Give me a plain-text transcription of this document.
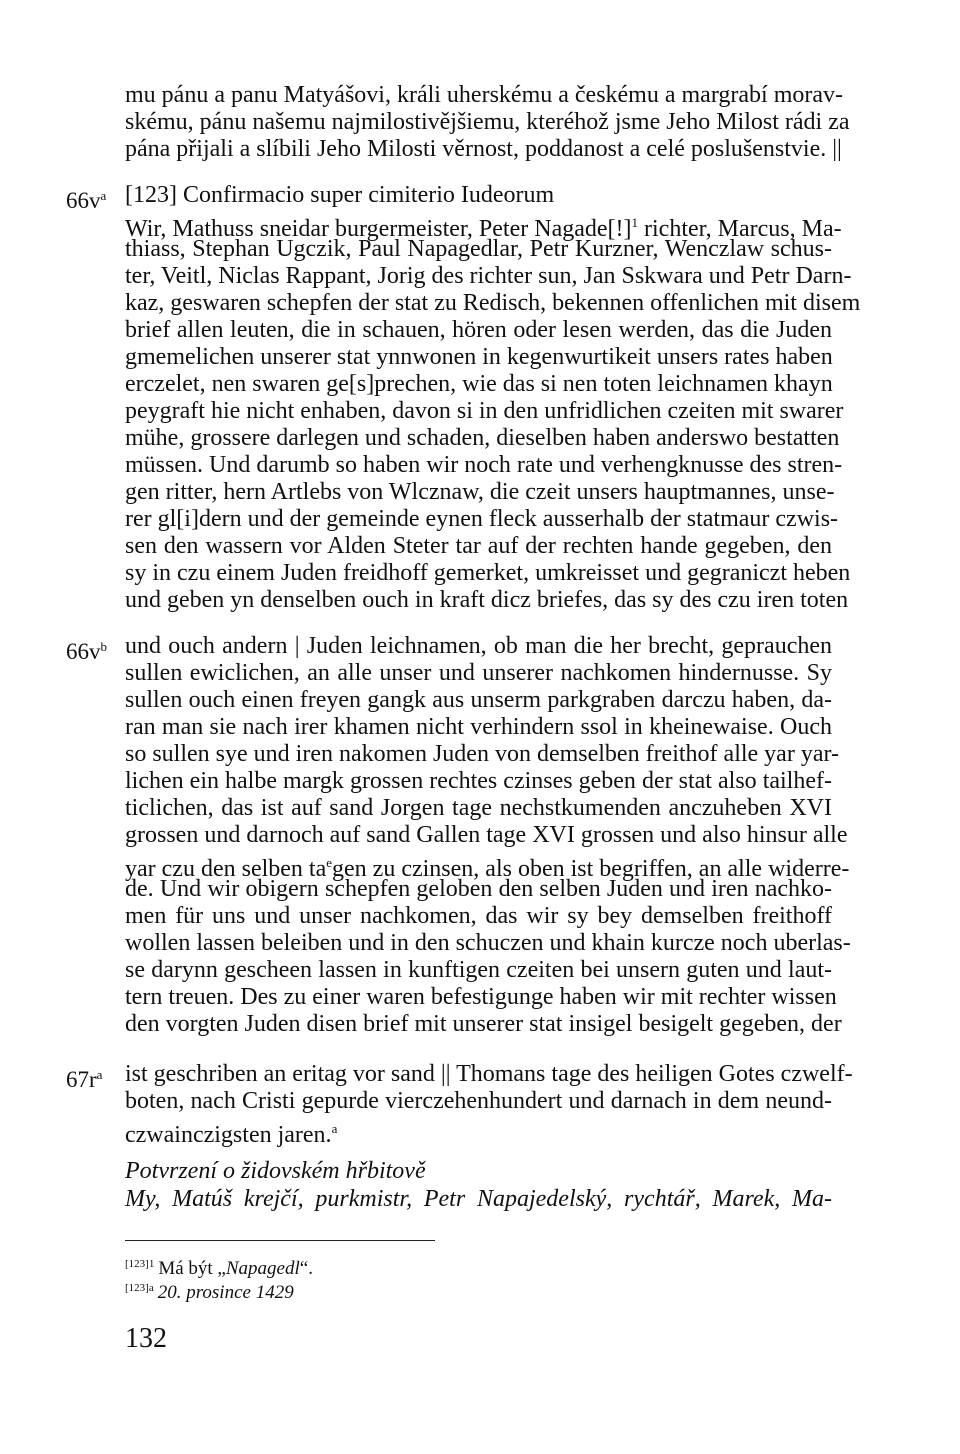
$66v^a$
$66v^b$
$67r^a$
mu pánu a panu Matyášovi, králi uherskému a českému a margrabí morav-
skému, pánu našemu najmilostivějšiemu, kteréhož jsme Jeho Milost rádi za
pána přijali a slíbili Jeho Milosti věrnost, poddanost a celé poslušenstvie. ||
[123] Confirmacio super cimiterio Iudeorum
Wir, Mathuss sneidar burgermeister, Peter Nagade[!]$^1$ richter, Marcus, Ma-
thiass, Stephan Ugczik, Paul Napagedlar, Petr Kurzner, Wenczlaw schus-
ter, Veitl, Niclas Rappant, Jorig des richter sun, Jan Sskwara und Petr Darn-
kaz, geswaren schepfen der stat zu Redisch, bekennen offenlichen mit disem
brief allen leuten, die in schauen, hören oder lesen werden, das die Juden
gmemelichen unserer stat ynnwonen in kegenwurtikeit unsers rates haben
erczelet, nen swaren ge[s]prechen, wie das si nen toten leichnamen khayn
peygraft hie nicht enhaben, davon si in den unfridlichen czeiten mit swarer
mühe, grossere darlegen und schaden, dieselben haben anderswo bestatten
müssen. Und darumb so haben wir noch rate und verhengknusse des stren-
gen ritter, hern Artlebs von Wlcznaw, die czeit unsers hauptmannes, unse-
rer gl[i]dern und der gemeinde eynen fleck ausserhalb der statmaur czwis-
sen den wassern vor Alden Steter tar auf der rechten hande gegeben, den
sy in czu einem Juden freidhoff gemerket, umkreisset und gegraniczt heben
und geben yn denselben ouch in kraft dicz briefes, das sy des czu iren toten
und ouch andern | Juden leichnamen, ob man die her brecht, geprauchen
sullen ewiclichen, an alle unser und unserer nachkomen hindernusse. Sy
sullen ouch einen freyen gangk aus unserm parkgraben darczu haben, da-
ran man sie nach irer khamen nicht verhindern ssol in kheinewaise. Ouch
so sullen sye und iren nakomen Juden von demselben freithof alle yar yar-
lichen ein halbe margk grossen rechtes czinses geben der stat also tailhef-
ticlichen, das ist auf sand Jorgen tage nechstkumenden anczuheben XVI
grossen und darnoch auf sand Gallen tage XVI grossen und also hinsur alle
yar czu den selben ta$^e$gen zu czinsen, als oben ist begriffen, an alle widerre-
de. Und wir obigern schepfen geloben den selben Juden und iren nachko-
men für uns und unser nachkomen, das wir sy bey demselben freithoff
wollen lassen beleiben und in den schuczen und khain kurcze noch uberlas-
se darynn gescheen lassen in kunftigen czeiten bei unsern guten und laut-
tern treuen. Des zu einer waren befestigunge haben wir mit rechter wissen
den vorgten Juden disen brief mit unserer stat insigel besigelt gegeben, der
ist geschriben an eritag vor sand || Thomans tage des heiligen Gotes czwelf-
boten, nach Cristi gepurde vierczehenhundert und darnach in dem neund-
czwainczigsten jaren.$^a$
Potvrzení o židovském hřbitově
My, Matúš krejčí, purkmistr, Petr Napajedelský, rychtář, Marek, Ma-
$^{[123]1}$ Má být „Napagedl“.
$^{[123]a}$ 20. prosince 1429
132
